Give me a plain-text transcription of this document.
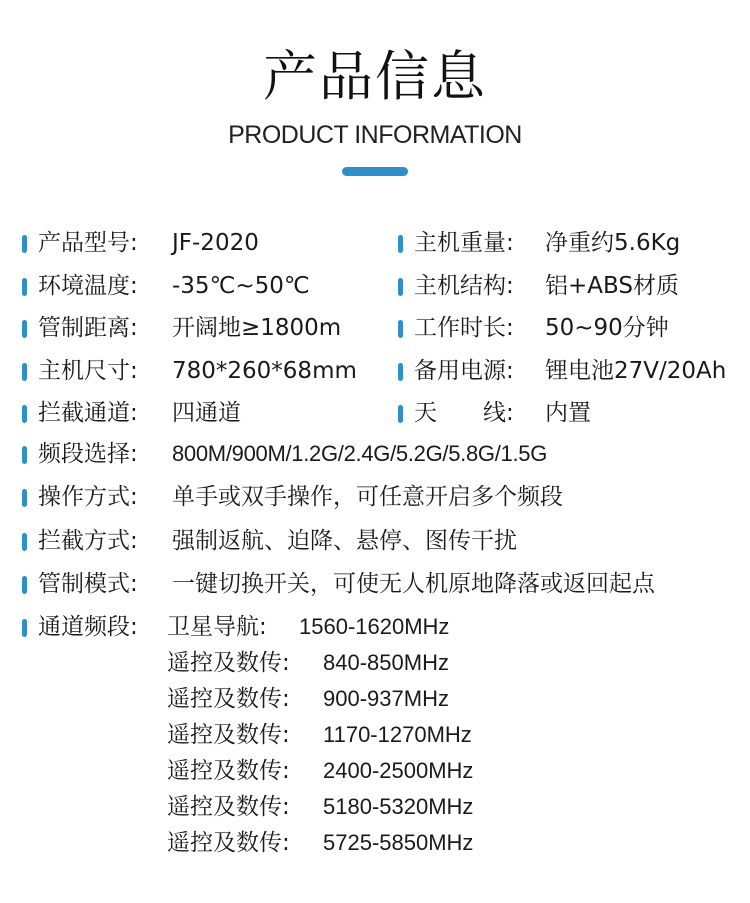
产品信息
PRODUCT INFORMATION
产品型号: JF-2020
环境温度: -35℃~50℃
管制距离: 开阔地≥1800m
主机尺寸: 780*260*68mm
拦截通道: 四通道
主机重量: 净重约5.6Kg
主机结构: 铝+ABS材质
工作时长: 50~90分钟
备用电源: 锂电池27V/20Ah
天　　线: 内置
频段选择: 800M/900M/1.2G/2.4G/5.2G/5.8G/1.5G
操作方式: 单手或双手操作，可任意开启多个频段
拦截方式: 强制返航、迫降、悬停、图传干扰
管制模式: 一键切换开关，可使无人机原地降落或返回起点
通道频段: 卫星导航: 1560-1620MHz
遥控及数传: 840-850MHz
遥控及数传: 900-937MHz
遥控及数传: 1170-1270MHz
遥控及数传: 2400-2500MHz
遥控及数传: 5180-5320MHz
遥控及数传: 5725-5850MHz
